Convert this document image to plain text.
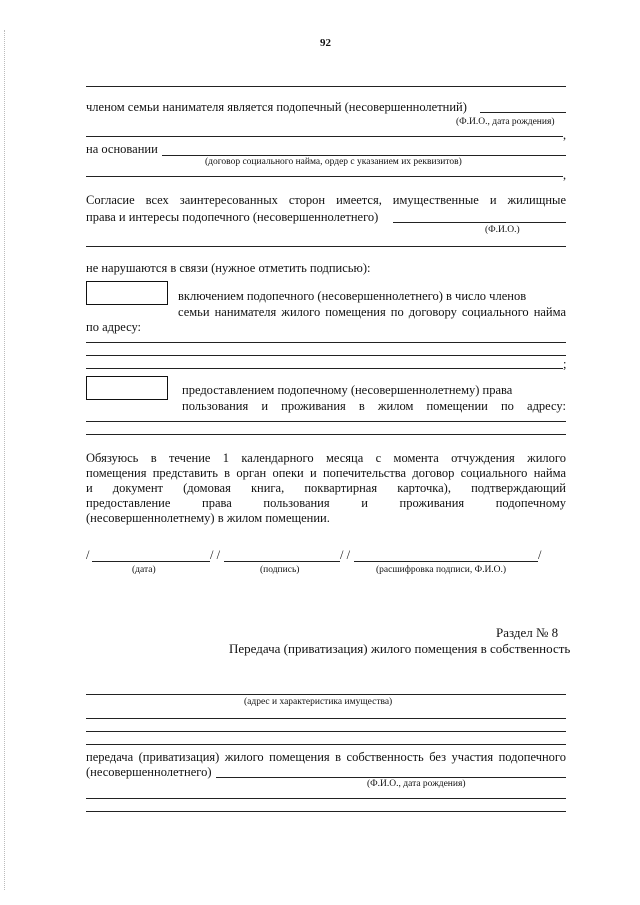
92
членом семьи нанимателя является подопечный (несовершеннолетний)
(Ф.И.О., дата рождения)
,
на основании
(договор социального найма, ордер с указанием их реквизитов)
,
Согласие всех заинтересованных сторон имеется, имущественные и жилищные
права и интересы подопечного (несовершеннолетнего)
(Ф.И.О.)
не нарушаются в связи (нужное отметить подписью):
включением подопечного (несовершеннолетнего) в число членов
семьи нанимателя жилого помещения по договору социального найма
по адресу:
;
предоставлением подопечному (несовершеннолетнему) права
пользования и проживания в жилом помещении по адресу:
Обязуюсь в течение 1 календарного месяца с момента отчуждения жилого
помещения представить в орган опеки и попечительства договор социального найма
и документ (домовая книга, поквартирная карточка), подтверждающий
предоставление права пользования и проживания подопечному
(несовершеннолетнему) в жилом помещении.
/	/ /	/ /	/
(дата)	(подпись)	(расшифровка подписи, Ф.И.О.)
Раздел № 8
Передача (приватизация) жилого помещения в собственность
(адрес и характеристика имущества)
передача (приватизация) жилого помещения в собственность без участия подопечного
(несовершеннолетнего)
(Ф.И.О., дата рождения)
